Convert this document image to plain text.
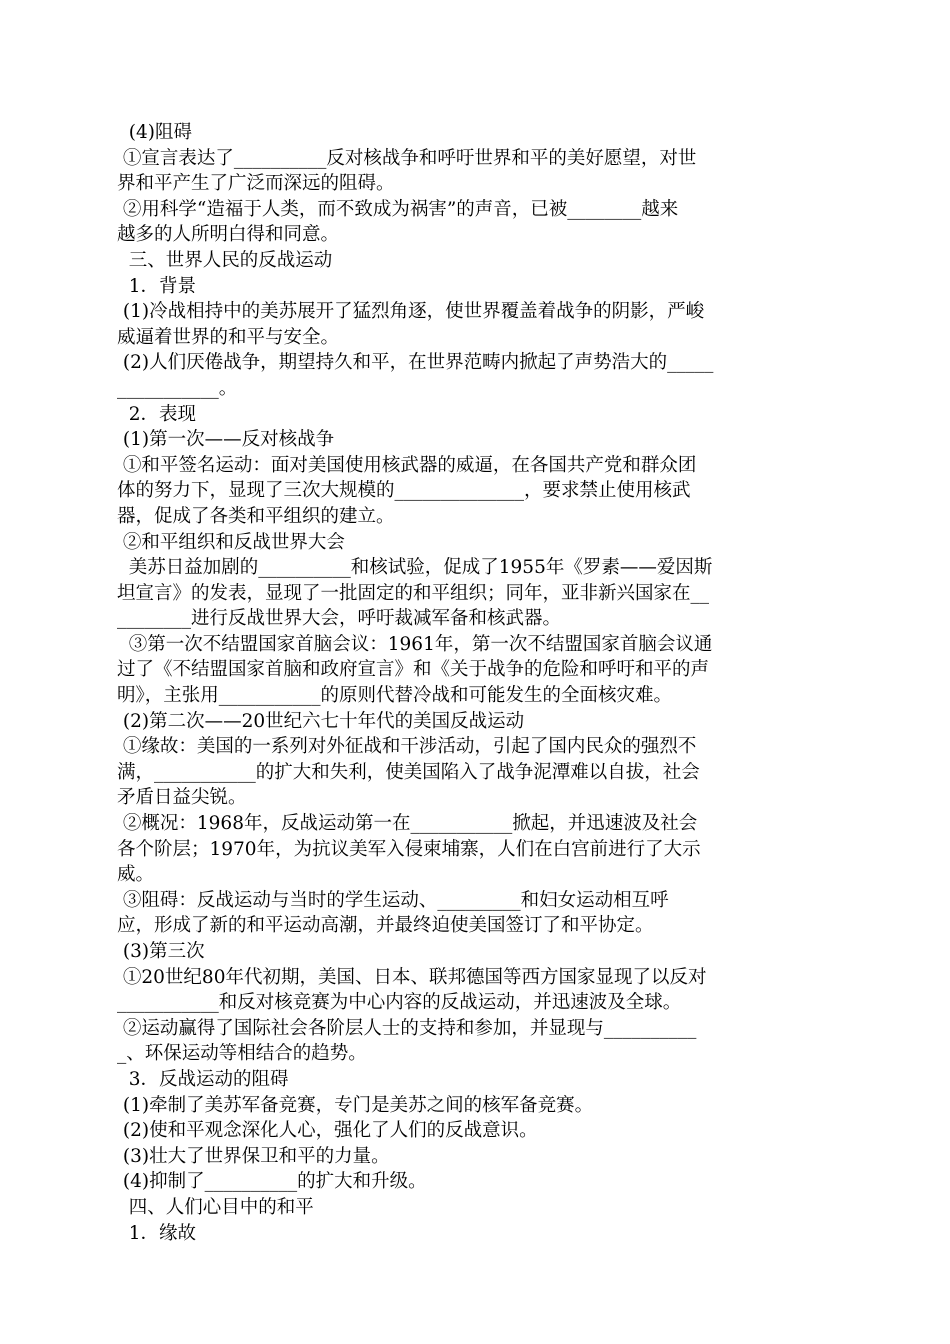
(4)阻碍
①宣言表达了__________反对核战争和呼吁世界和平的美好愿望，对世
界和平产生了广泛而深远的阻碍。
②用科学“造福于人类，而不致成为祸害”的声音，已被________越来
越多的人所明白得和同意。
三、世界人民的反战运动
1．背景
(1)冷战相持中的美苏展开了猛烈角逐，使世界覆盖着战争的阴影，严峻
威逼着世界的和平与安全。
(2)人们厌倦战争，期望持久和平，在世界范畴内掀起了声势浩大的_____
___________。
2．表现
(1)第一次——反对核战争
①和平签名运动：面对美国使用核武器的威逼，在各国共产党和群众团
体的努力下，显现了三次大规模的______________，要求禁止使用核武
器，促成了各类和平组织的建立。
②和平组织和反战世界大会
美苏日益加剧的__________和核试验，促成了1955年《罗素——爱因斯
坦宣言》的发表，显现了一批固定的和平组织；同年，亚非新兴国家在__
________进行反战世界大会，呼吁裁减军备和核武器。
③第一次不结盟国家首脑会议：1961年，第一次不结盟国家首脑会议通
过了《不结盟国家首脑和政府宣言》和《关于战争的危险和呼吁和平的声
明》，主张用___________的原则代替冷战和可能发生的全面核灾难。
(2)第二次——20世纪六七十年代的美国反战运动
①缘故：美国的一系列对外征战和干涉活动，引起了国内民众的强烈不
满，___________的扩大和失利，使美国陷入了战争泥潭难以自拔，社会
矛盾日益尖锐。
②概况：1968年，反战运动第一在___________掀起，并迅速波及社会
各个阶层；1970年，为抗议美军入侵柬埔寨，人们在白宫前进行了大示
威。
③阻碍：反战运动与当时的学生运动、_________和妇女运动相互呼
应，形成了新的和平运动高潮，并最终迫使美国签订了和平协定。
(3)第三次
①20世纪80年代初期，美国、日本、联邦德国等西方国家显现了以反对
___________和反对核竞赛为中心内容的反战运动，并迅速波及全球。
②运动赢得了国际社会各阶层人士的支持和参加，并显现与__________
_、环保运动等相结合的趋势。
3．反战运动的阻碍
(1)牵制了美苏军备竞赛，专门是美苏之间的核军备竞赛。
(2)使和平观念深化人心，强化了人们的反战意识。
(3)壮大了世界保卫和平的力量。
(4)抑制了__________的扩大和升级。
四、人们心目中的和平
1．缘故
